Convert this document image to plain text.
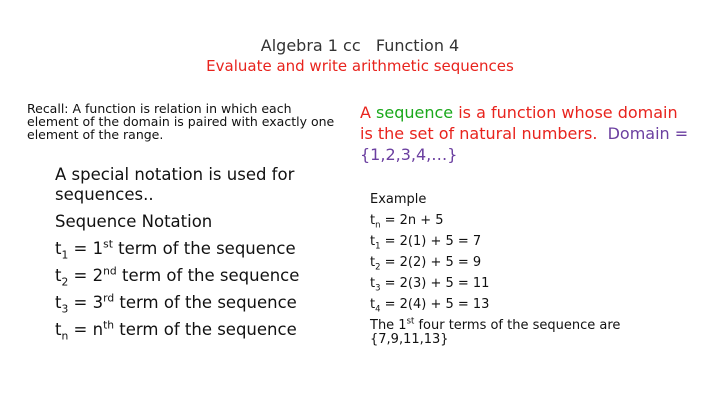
Algebra 1 cc   Function 4
Evaluate and write arithmetic sequences
Recall: A function is relation in which each element of the domain is paired with exactly one element of the range.
A special notation is used for sequences..
Sequence Notation
$t_1 = 1st$ term of the sequence
$t_2 = 2nd$ term of the sequence
$t_3 = 3rd$ term of the sequence
$t_n = n^{th}$ term of the sequence
A sequence is a function whose domain is the set of natural numbers.  Domain = {1,2,3,4,…}
Example
$t_n = 2n + 5$
$t_1 = 2(1) + 5 = 7$
$t_2 = 2(2) + 5 = 9$
$t_3 = 2(3) + 5 = 11$
$t_4 = 2(4) + 5 = 13$
The 1st four terms of the sequence are {7,9,11,13}
